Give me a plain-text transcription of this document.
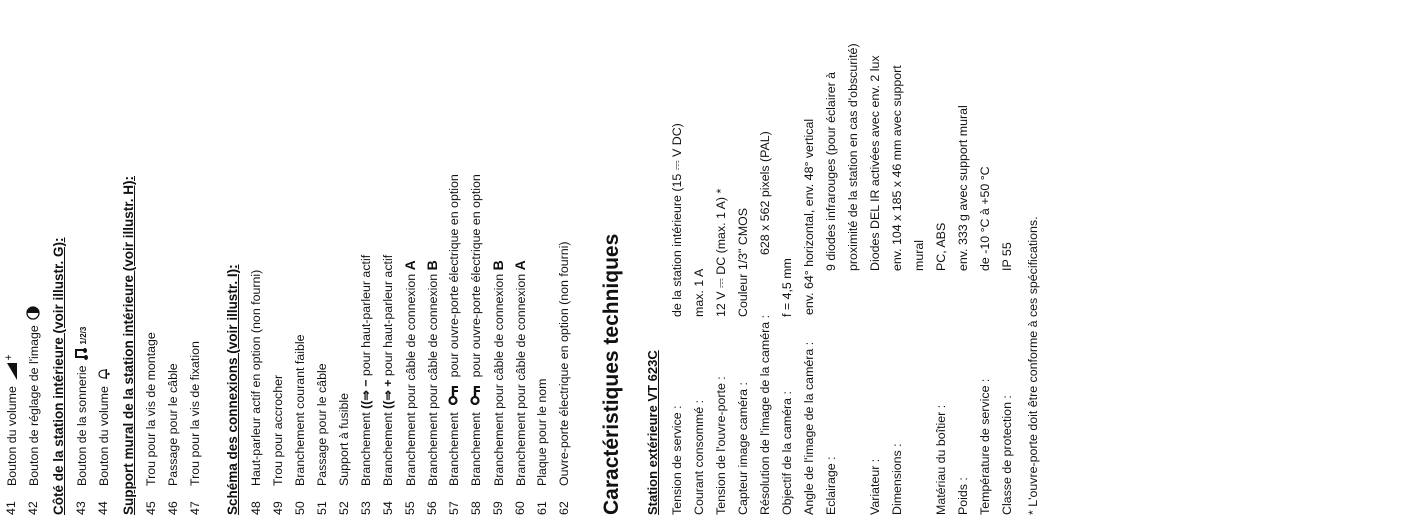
41
Bouton du volume
+
42
Bouton de réglage de l'image Côté de la station intérieure (voir illustr. G): 43
Bouton de la sonnerie1/2/3
44
Bouton du volume Support mural de la station intérieure (voir illustr. H): 45
Trou pour la vis de montage
46
Passage pour le câble
47
Trou pour la vis de fixation Schéma des connexions (voir illustr. I): 48
Haut-parleur actif en option (non fourni)
49
Trou pour accrocher
50
Branchement courant faible
51
Passage pour le câble
52
Support à fusible
53
Branchement ((⇒ − pour haut-parleur actif
54
Branchement ((⇒ + pour haut-parleur actif
55
Branchement pour câble de connexion A
56
Branchement pour câble de connexion B
57
Branchement  pour ouvre-porte électrique en option
58
Branchement  pour ouvre-porte électrique en option
59
Branchement pour câble de connexion B
60
Branchement pour câble de connexion A
61
Plaque pour le nom
62
Ouvre-porte électrique en option (non fourni) Caractéristiques techniques Station extérieure VT 623C Tension de service :
de la station intérieure (15 ⎓ V DC)
Courant consommé :
max. 1 A
Tension de l'ouvre-porte :
12 V ⎓ DC (max. 1 A) *
Capteur image caméra :
Couleur 1/3" CMOS
Résolution de l'image de la caméra :
628 x 562 pixels (PAL)
Objectif de la caméra :
f = 4,5 mm
Angle de l'image de la caméra :
env. 64° horizontal, env. 48° vertical
Eclairage :
9 diodes infrarouges (pour éclairer à proximité de la station en cas d'obscurité)
Variateur :
Diodes DEL IR activées avec env. 2 lux
Dimensions :
env. 104 x 185 x 46 mm avec support mural
Matériau du boîtier :
PC, ABS
Poids :
env. 333 g avec support mural
Température de service :
de -10 °C à +50 °C
Classe de protection :
IP 55 * L'ouvre-porte doit être conforme à ces spécifications.
